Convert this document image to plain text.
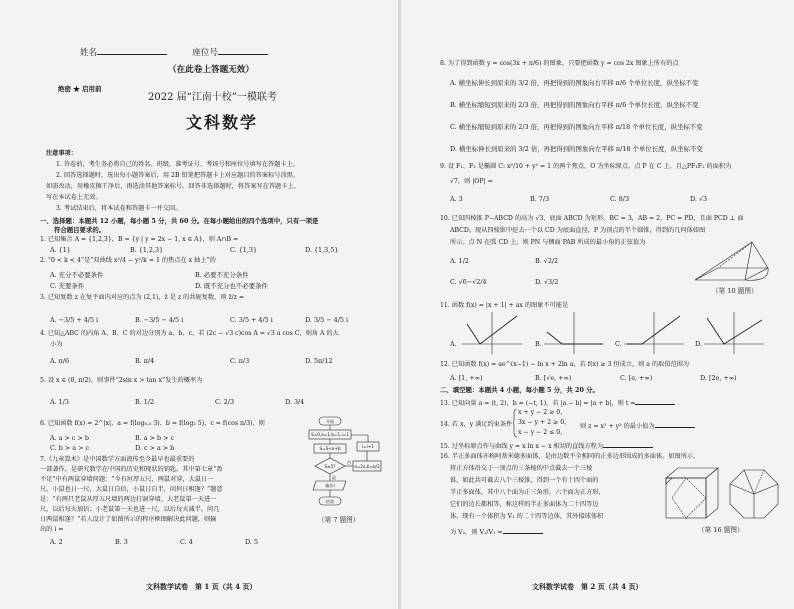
姓名	座位号
（在此卷上答题无效）
绝密 ★ 启用前
2022 届“江南十校”一模联考
文科数学
注意事项：
1. 答卷前，考生务必将自己的姓名、班级、准考证号、考场号和座位号填写在答题卡上。
2. 回答选择题时，选出每小题答案后，用 2B 铅笔把答题卡上对应题目的答案标号涂黑。
如需改动，用橡皮擦干净后，再选涂其他答案标号。回答非选择题时，将答案写在答题卡上，
写在本试卷上无效。
3. 考试结束后，将本试卷和答题卡一并交回。
一、选择题：本题共 12 小题，每小题 5 分，共 60 分。在每小题给出的四个选项中，只有一项是
符合题目要求的。
1. 已知集合 A = {1,2,3}，B = {y | y = 2x − 1, x ∈ A}，则 A∩B =
A. {1}	B. {1,2,3}	C. {1,3}	D. {1,3,5}
2. “0 < k < 4”是“双曲线 x²/4 − y²/k = 1 的焦点在 x 轴上”的
A. 充分不必要条件	B. 必要不充分条件
C. 充要条件	D. 既不充分也不必要条件
3. 已知复数 z 在复平面内对应的点为 (2,1)，z̄ 是 z 的共轭复数，则 z̄/z =
A. −3/5 + 4/5 i	B. −3/5 − 4/5 i	C. 3/5 + 4/5 i	D. 3/5 − 4/5 i
4. 已知△ABC 的内角 A、B、C 的对边分别为 a、b、c，若 (2c − √3 c)cos A = √3 a cos C，则角 A 的大
小为
A. π/6	B. π/4	C. π/3	D. 5π/12
5. 设 x ∈ (0, π/2)，则事件“2sin x > tan x”发生的概率为
A. 1/3	B. 1/2	C. 2/3	D. 3/4
6. 已知函数 f(x) = 2^|x|，a = f(log₀.₅ 3)，b = f(log₂ 5)，c = f(cos π/3)，则
A. a > c > b	B. a > b > c
C. b > a > c	D. c > a > b
7.《九章算术》是中国数学方面流传至今最早也最重要的
一部著作，是研究数学在中国的历史和现状的钥匙。其中第七章“盈
不足”中有两鼠穿墙问题：“今有垣厚五尺，两鼠对穿，大鼠日一
尺，小鼠也日一尺，大鼠日自倍，小鼠日自半，问何日相逢？”题意
是：“有两只老鼠从厚五尺墙的两边打洞穿墙，大老鼠第一天进一
尺，以后每天加倍；小老鼠第一天也进一尺，以后每天减半。问几
日两鼠相逢？”若人设计了如图所示的程序框图解决此问题，则输
出的 i =
A. 2	B. 3	C. 4	D. 5
开始
S=0,a=1,b=1,i=1
S=S+a+b
S≥5?
否
是
a=2a,b=b/2
i=i+1
输出i
结束
（第 7 题图）
文科数学试卷　第 1 页（共 4 页）
8. 为了得到函数 y = cos(3x + π/6) 的图象，只要把函数 y = cos 2x 图象上所有的点
A. 横坐标伸长到原来的 3/2 倍，再把得到的图象向右平移 π/6 个单位长度，纵坐标不变
B. 横坐标缩短到原来的 2/3 倍，再把得到的图象向右平移 π/6 个单位长度，纵坐标不变
C. 横坐标缩短到原来的 2/3 倍，再把得到的图象向左平移 π/18 个单位长度，纵坐标不变
D. 横坐标伸长到原来的 3/2 倍，再把得到的图象向左平移 π/18 个单位长度，纵坐标不变
9. 设 F₁、F₂ 是椭圆 C: x²/10 + y² = 1 的两个焦点，O 为坐标原点，点 P 在 C 上，且△PF₁F₂ 的面积为
√7，则 |OP| =
A. 3	B. 7/3	C. 8/3	D. √3
10. 已知四棱锥 P−ABCD 的高为 √3，底面 ABCD 为矩形，BC = 3，AB = 2，PC = PD，且面 PCD ⊥ 面
ABCD。现从四棱锥中挖去一个以 CD 为底面直径，P 为顶点的半个圆锥，得到的几何体如图
所示。点 N 在弧 CD 上，则 PN 与侧面 PAB 所成的最小角的正弦值为
A. 1/2	B. √2/2
C. √6−√2/4	D. √3/2
（第 10 题图）
11. 函数 f(x) = |x + 1| + ax 的图象不可能是
A.	B.	C.	D.
12. 已知函数 f(x) = ae^(x−1) − ln x + 2ln a，若 f(x) ≥ 3 恒成立，则 a 的取值范围为
A. [1, +∞)	B. [√e, +∞)	C. [e, +∞)	D. [2e, +∞)
二、填空题：本题共 4 小题，每小题 5 分，共 20 分。
13. 已知向量 a = (t, 2)，b = (−t, 1)，若 |a − b| = |a + b|，则 t =
14. 若 x，y 满足约束条件
x + y − 2 ≥ 0，
3x − y + 2 ≥ 0，
x − y − 2 ≤ 0，
则 z = x² + y² 的最小值为
15. 过坐标原点作与曲线 y = x ln x − x 相切的直线方程为
16. 半正多面体亦称阿基米德多面体，是由边数不全相同的正多边形围成的多面体。如图所示，
将正方体沿交于一顶点的三条棱的中点截去一个三棱
锥，如此共可截去八个三棱锥，得到一个有十四个面的
半正多面体，其中八个面为正三角形，六个面为正方形，
它们的边长都相等，称这样的半正多面体为二十四等边
体。现有一个体积为 V₁ 的二十四等边体，其外接球体积
为 V₂，则 V₂/V₁ =	（第 16 题图）
文科数学试卷　第 2 页（共 4 页）
